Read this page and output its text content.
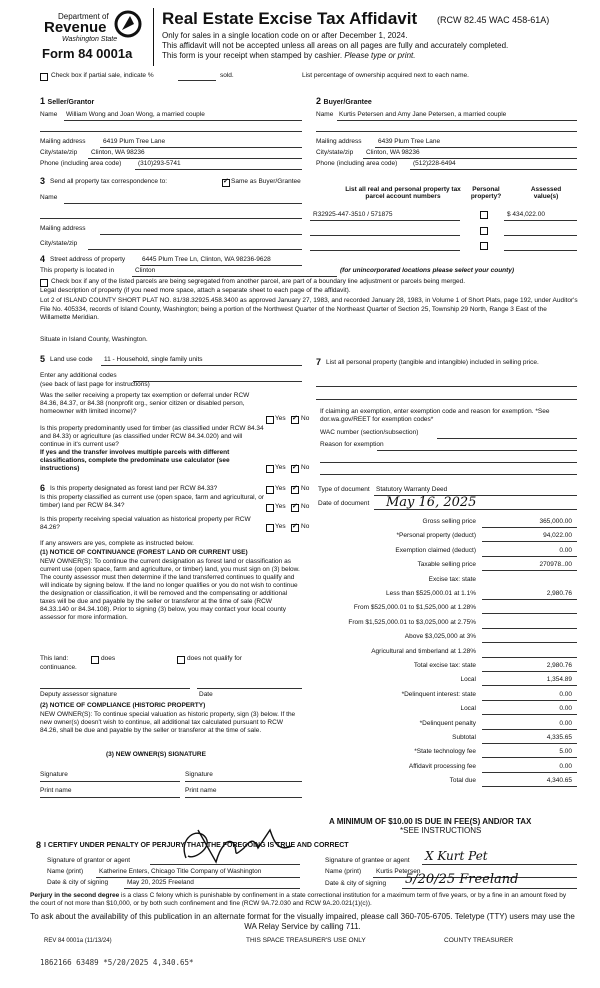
Department of
Revenue
Washington State
Form 84 0001a
Real Estate Excise Tax Affidavit (RCW 82.45 WAC 458-61A)
Only for sales in a single location code on or after December 1, 2024.
This affidavit will not be accepted unless all areas on all pages are fully and accurately completed.
This form is your receipt when stamped by cashier. Please type or print.
Check box if partial sale, indicate %	sold.	List percentage of ownership acquired next to each name.
1 Seller/Grantor
Name William Wong and Joan Wong, a married couple
Mailing address	6419 Plum Tree Lane
City/state/zip Clinton, WA 98236
Phone (including area code)	(310)293-5741
2 Buyer/Grantee
Name Kurtis Petersen and Amy Jane Petersen, a married couple
Mailing address	6439 Plum Tree Lane
City/state/zip Clinton, WA 98236
Phone (including area code) (512)228-6494
3 Send all property tax correspondence to: ✓	Same as Buyer/Grantee
Name
Mailing address
City/state/zip
List all real and personal property tax
parcel account numbers
Personal
property?
Assessed
value(s)
R32925-447-3510 / 571875	$ 434,022.00
4 Street address of property	6445 Plum Tree Ln, Clinton, WA 98236-9628
This property is located in	Clinton	(for unincorporated locations please select your county)
Check box if any of the listed parcels are being segregated from another parcel, are part of a boundary line adjustment or parcels being merged.
Legal description of property (if you need more space, attach a separate sheet to each page of the affidavit).
Lot 2 of ISLAND COUNTY SHORT PLAT NO. 81/38.32925.458.3400 as approved January 27, 1983, and recorded January 28, 1983, in Volume 1 of Short Plats, page 192, under Auditor's File No. 405334, records of Island County, Washington; being a portion of the Northwest Quarter of the Northeast Quarter of Section 25, Township 29 North, Range 3 East of the Willamette Meridian.
Situate in Island County, Washington.
5 Land use code 11 - Household, single family units
Enter any additional codes
(see back of last page for instructions)
Was the seller receiving a property tax exemption or deferral under RCW 84.36, 84.37, or 84.38 (nonprofit org., senior citizen or disabled person, homeowner with limited income)?
Yes ✓ No
Is this property predominantly used for timber (as classified under RCW 84.34 and 84.33) or agriculture (as classified under RCW 84.34.020) and will continue in it's current use?
If yes and the transfer involves multiple parcels with different classifications, complete the predominate use calculator (see instructions)	Yes ✓ No
7 List all personal property (tangible and intangible) included in selling price.
If claiming an exemption, enter exemption code and reason for exemption. *See dor.wa.gov/REET for exemption codes*
WAC number (section/subsection)
Reason for exemption
6 Is this property designated as forest land per RCW 84.33?	Yes ✓ No
Is this property classified as current use (open space, farm and agricultural, or timber) land per RCW 84.34?	Yes ✓ No
Is this property receiving special valuation as historical property per RCW 84.26?	Yes ✓ No
If any answers are yes, complete as instructed below.
(1) NOTICE OF CONTINUANCE (FOREST LAND OR CURRENT USE)
NEW OWNER(S): To continue the current designation as forest land or classification as current use (open space, farm and agriculture, or timber) land, you must sign on (3) below. The county assessor must then determine if the land transferred continues to qualify and will indicate by signing below. If the land no longer qualifies or you do not wish to continue the designation or classification, it will be removed and the compensating or additional taxes will be due and payable by the seller or transferor at the time of sale (RCW 84.33.140 or 84.34.108). Prior to signing (3) below, you may contact your local county assessor for more information.
This land:	does	does not qualify for
continuance.
Deputy assessor signature	Date
(2) NOTICE OF COMPLIANCE (HISTORIC PROPERTY)
NEW OWNER(S): To continue special valuation as historic property, sign (3) below. If the new owner(s) doesn't wish to continue, all additional tax calculated pursuant to RCW 84.26, shall be due and payable by the seller or transferor at the time of sale.
(3) NEW OWNER(S) SIGNATURE
Signature	Signature
Print name	Print name
Type of document Statutory Warranty Deed
Date of document May 16, 2025
Gross selling price	365,000.00
*Personal property (deduct)	94,022.00
Exemption claimed (deduct)	0.00
Taxable selling price	270978..00
Excise tax: state
Less than $525,000.01 at 1.1%	2,980.76
From $525,000.01 to $1,525,000 at 1.28%
From $1,525,000.01 to $3,025,000 at 2.75%
Above $3,025,000 at 3%
Agricultural and timberland at 1.28%
Total excise tax: state	2,980.76
Local	1,354.89
*Delinquent interest: state	0.00
Local	0.00
*Delinquent penalty	0.00
Subtotal	4,335.65
*State technology fee	5.00
Affidavit processing fee	0.00
Total due	4,340.65
A MINIMUM OF $10.00 IS DUE IN FEE(S) AND/OR TAX
*SEE INSTRUCTIONS
8 I CERTIFY UNDER PENALTY OF PERJURY THAT THE FOREGOING IS TRUE AND CORRECT
Signature of grantor or agent
Name (print) Katherine Enters, Chicago Title Company of Washington
Date & city of signing	May 20, 2025 Freeland
Signature of grantee or agent X Kurt Pet
Name (print) Kurtis Petersen
Date & city of signing 5/20/25 Freeland
Perjury in the second degree is a class C felony which is punishable by confinement in a state correctional institution for a maximum term of five years, or by a fine in an amount fixed by the court of not more than $10,000, or by both such confinement and fine (RCW 9A.72.030 and RCW 9A.20.021(1)(c)).
To ask about the availability of this publication in an alternate format for the visually impaired, please call 360-705-6705. Teletype (TTY) users may use the WA Relay Service by calling 711.
REV 84 0001a (11/13/24)	THIS SPACE TREASURER'S USE ONLY	COUNTY TREASURER
1862166 63489 *5/20/2025 4,340.65*
